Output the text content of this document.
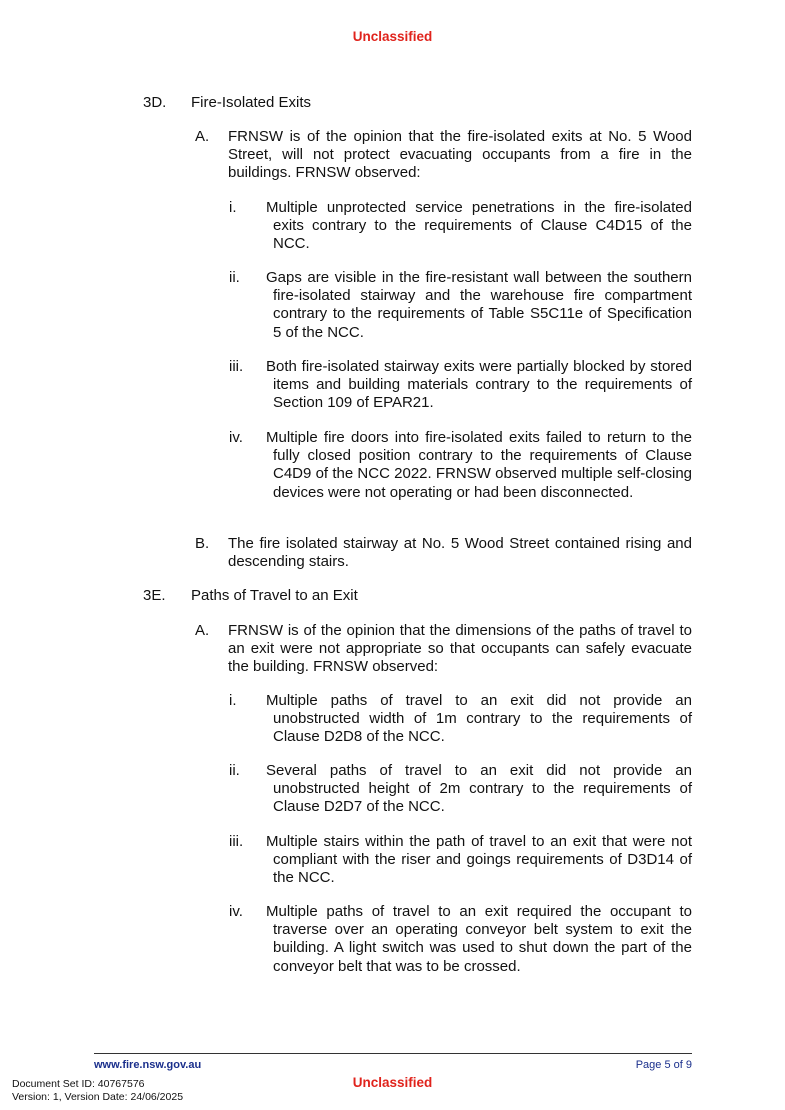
Unclassified
3D. Fire-Isolated Exits
A. FRNSW is of the opinion that the fire-isolated exits at No. 5 Wood Street, will not protect evacuating occupants from a fire in the buildings. FRNSW observed:
i. Multiple unprotected service penetrations in the fire-isolated exits contrary to the requirements of Clause C4D15 of the NCC.
ii. Gaps are visible in the fire-resistant wall between the southern fire-isolated stairway and the warehouse fire compartment contrary to the requirements of Table S5C11e of Specification 5 of the NCC.
iii. Both fire-isolated stairway exits were partially blocked by stored items and building materials contrary to the requirements of Section 109 of EPAR21.
iv. Multiple fire doors into fire-isolated exits failed to return to the fully closed position contrary to the requirements of Clause C4D9 of the NCC 2022. FRNSW observed multiple self-closing devices were not operating or had been disconnected.
B. The fire isolated stairway at No. 5 Wood Street contained rising and descending stairs.
3E. Paths of Travel to an Exit
A. FRNSW is of the opinion that the dimensions of the paths of travel to an exit were not appropriate so that occupants can safely evacuate the building. FRNSW observed:
i. Multiple paths of travel to an exit did not provide an unobstructed width of 1m contrary to the requirements of Clause D2D8 of the NCC.
ii. Several paths of travel to an exit did not provide an unobstructed height of 2m contrary to the requirements of Clause D2D7 of the NCC.
iii. Multiple stairs within the path of travel to an exit that were not compliant with the riser and goings requirements of D3D14 of the NCC.
iv. Multiple paths of travel to an exit required the occupant to traverse over an operating conveyor belt system to exit the building. A light switch was used to shut down the part of the conveyor belt that was to be crossed.
www.fire.nsw.gov.au	Page 5 of 9
Unclassified
Document Set ID: 40767576
Version: 1, Version Date: 24/06/2025
